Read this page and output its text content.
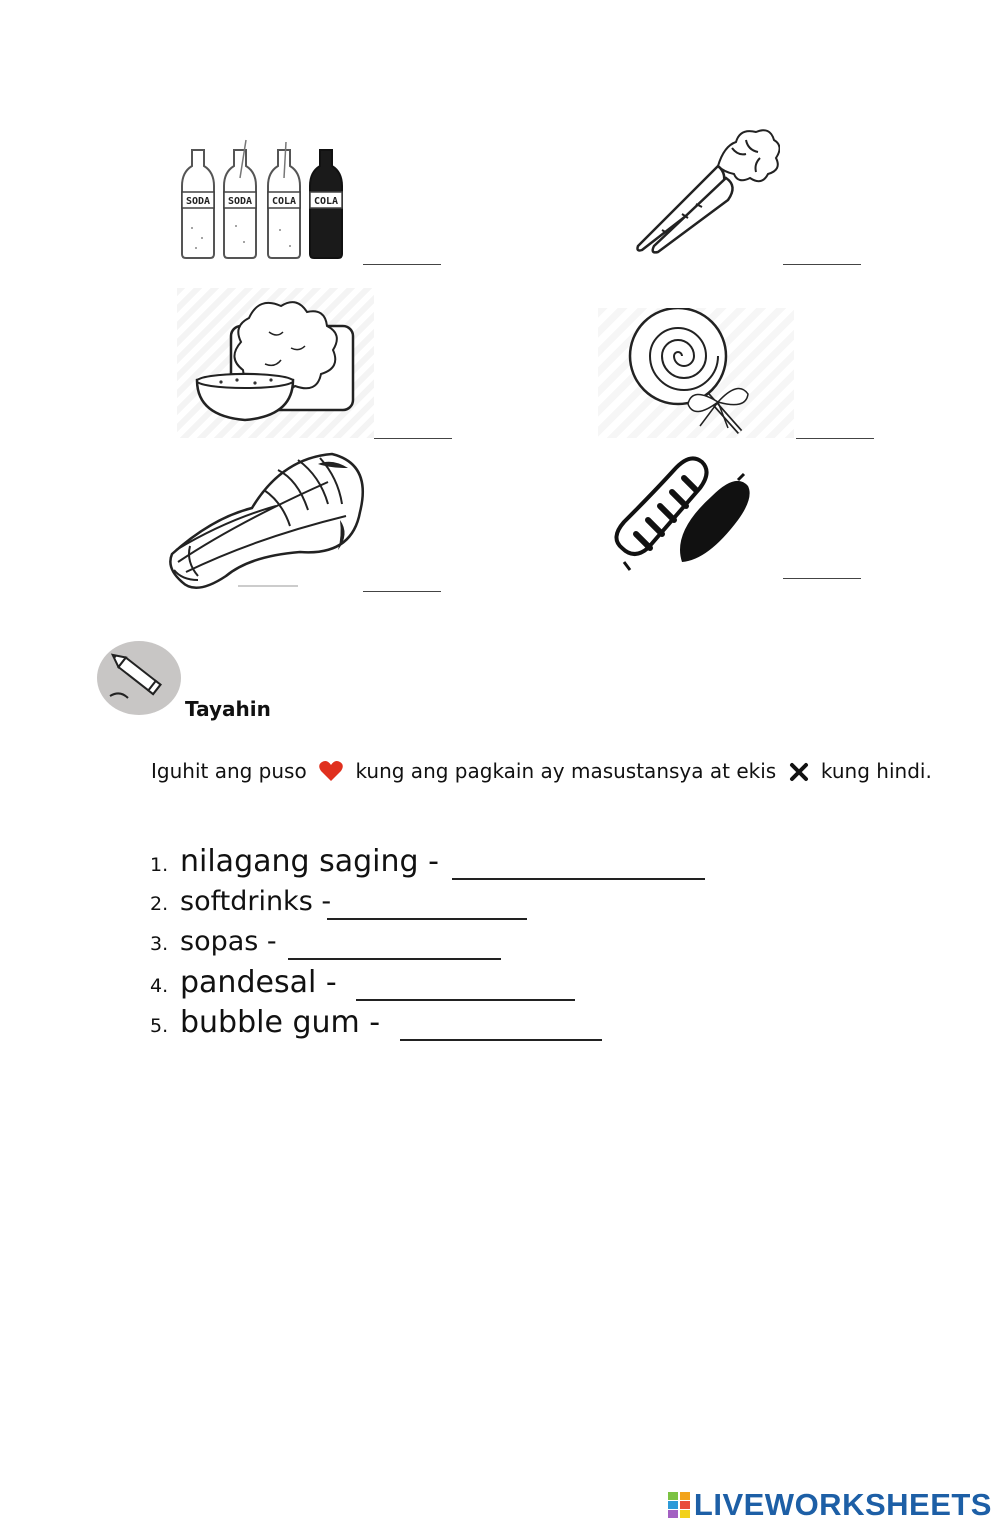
SODA SODA COLA COLA
Tayahin
Iguhit ang puso kung ang pagkain ay masustansya at ekis kung hindi.
1. nilagang saging -
2. softdrinks -
3. sopas -
4. pandesal -
5. bubble gum -
LIVEWORKSHEETS
